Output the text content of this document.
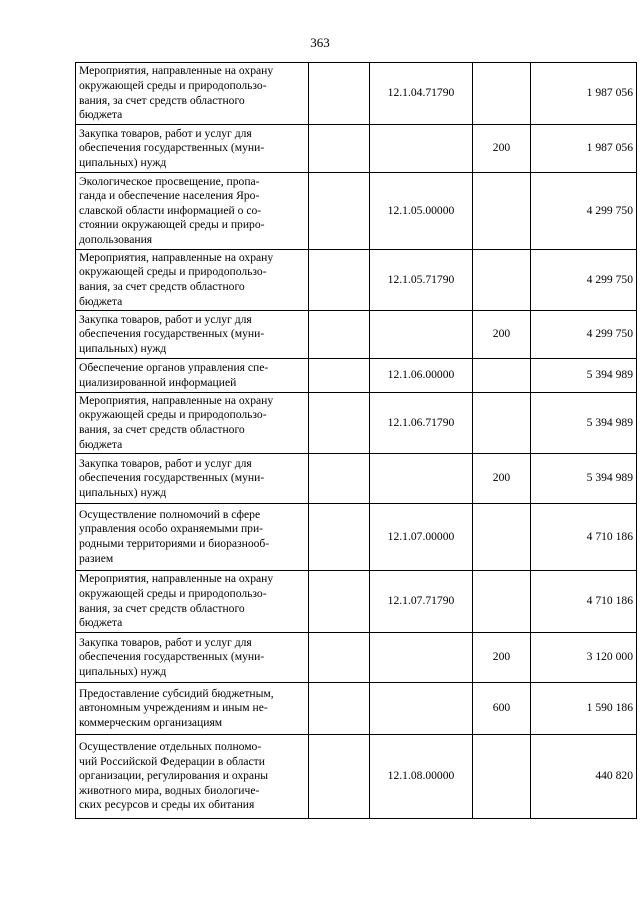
363
Мероприятия, направленные на охрану
окружающей среды и природопользо-
вания, за счет средств областного
бюджета		12.1.04.71790		1 987 056

Закупка товаров, работ и услуг для
обеспечения государственных (муни-
ципальных) нужд			200	1 987 056

Экологическое просвещение, пропа-
ганда и обеспечение населения Яро-
славской области информацией о со-
стоянии окружающей среды и приро-
допользования		12.1.05.00000		4 299 750

Мероприятия, направленные на охрану
окружающей среды и природопользо-
вания, за счет средств областного
бюджета		12.1.05.71790		4 299 750

Закупка товаров, работ и услуг для
обеспечения государственных (муни-
ципальных) нужд			200	4 299 750

Обеспечение органов управления спе-
циализированной информацией		12.1.06.00000		5 394 989

Мероприятия, направленные на охрану
окружающей среды и природопользо-
вания, за счет средств областного
бюджета		12.1.06.71790		5 394 989

Закупка товаров, работ и услуг для
обеспечения государственных (муни-
ципальных) нужд			200	5 394 989

Осуществление полномочий в сфере
управления особо охраняемыми при-
родными территориями и биоразнооб-
разием		12.1.07.00000		4 710 186

Мероприятия, направленные на охрану
окружающей среды и природопользо-
вания, за счет средств областного
бюджета		12.1.07.71790		4 710 186

Закупка товаров, работ и услуг для
обеспечения государственных (муни-
ципальных) нужд			200	3 120 000

Предоставление субсидий бюджетным,
автономным учреждениям и иным не-
коммерческим организациям			600	1 590 186

Осуществление отдельных полномо-
чий Российской Федерации в области
организации, регулирования и охраны
животного мира, водных биологиче-
ских ресурсов и среды их обитания		12.1.08.00000		440 820
